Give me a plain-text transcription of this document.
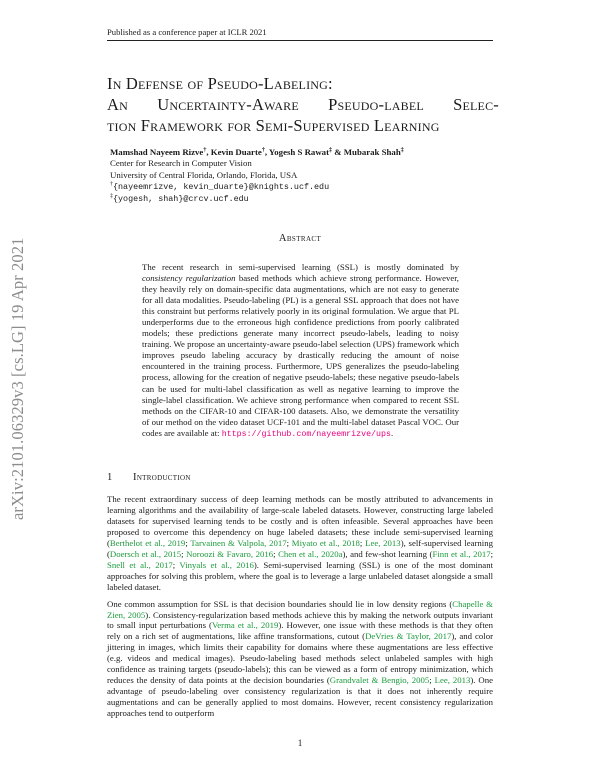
Published as a conference paper at ICLR 2021
arXiv:2101.06329v3 [cs.LG] 19 Apr 2021
In Defense of Pseudo-Labeling:
An Uncertainty-Aware Pseudo-label Selec-
tion Framework for Semi-Supervised Learning
Mamshad Nayeem Rizve†, Kevin Duarte†, Yogesh S Rawat‡ & Mubarak Shah‡
Center for Research in Computer Vision
University of Central Florida, Orlando, Florida, USA
†{nayeemrizve, kevin_duarte}@knights.ucf.edu
‡{yogesh, shah}@crcv.ucf.edu
Abstract

The recent research in semi-supervised learning (SSL) is mostly dominated by consistency regularization based methods which achieve strong performance. However, they heavily rely on domain-specific data augmentations, which are not easy to generate for all data modalities. Pseudo-labeling (PL) is a general SSL approach that does not have this constraint but performs relatively poorly in its original formulation. We argue that PL underperforms due to the erroneous high confidence predictions from poorly calibrated models; these predictions generate many incorrect pseudo-labels, leading to noisy training. We propose an uncertainty-aware pseudo-label selection (UPS) framework which improves pseudo labeling accuracy by drastically reducing the amount of noise encountered in the training process. Furthermore, UPS generalizes the pseudo-labeling process, allowing for the creation of negative pseudo-labels; these negative pseudo-labels can be used for multi-label classification as well as negative learning to improve the single-label classification. We achieve strong performance when compared to recent SSL methods on the CIFAR-10 and CIFAR-100 datasets. Also, we demonstrate the versatility of our method on the video dataset UCF-101 and the multi-label dataset Pascal VOC. Our codes are available at: https://github.com/nayeemrizve/ups.

1 Introduction

The recent extraordinary success of deep learning methods can be mostly attributed to advancements in learning algorithms and the availability of large-scale labeled datasets. However, constructing large labeled datasets for supervised learning tends to be costly and is often infeasible. Several approaches have been proposed to overcome this dependency on huge labeled datasets; these include semi-supervised learning (Berthelot et al., 2019; Tarvainen & Valpola, 2017; Miyato et al., 2018; Lee, 2013), self-supervised learning (Doersch et al., 2015; Noroozi & Favaro, 2016; Chen et al., 2020a), and few-shot learning (Finn et al., 2017; Snell et al., 2017; Vinyals et al., 2016). Semi-supervised learning (SSL) is one of the most dominant approaches for solving this problem, where the goal is to leverage a large unlabeled dataset alongside a small labeled dataset.

One common assumption for SSL is that decision boundaries should lie in low density regions (Chapelle & Zien, 2005). Consistency-regularization based methods achieve this by making the network outputs invariant to small input perturbations (Verma et al., 2019). However, one issue with these methods is that they often rely on a rich set of augmentations, like affine transformations, cutout (DeVries & Taylor, 2017), and color jittering in images, which limits their capability for domains where these augmentations are less effective (e.g. videos and medical images). Pseudo-labeling based methods select unlabeled samples with high confidence as training targets (pseudo-labels); this can be viewed as a form of entropy minimization, which reduces the density of data points at the decision boundaries (Grandvalet & Bengio, 2005; Lee, 2013). One advantage of pseudo-labeling over consistency regularization is that it does not inherently require augmentations and can be generally applied to most domains. However, recent consistency regularization approaches tend to outperform

1
